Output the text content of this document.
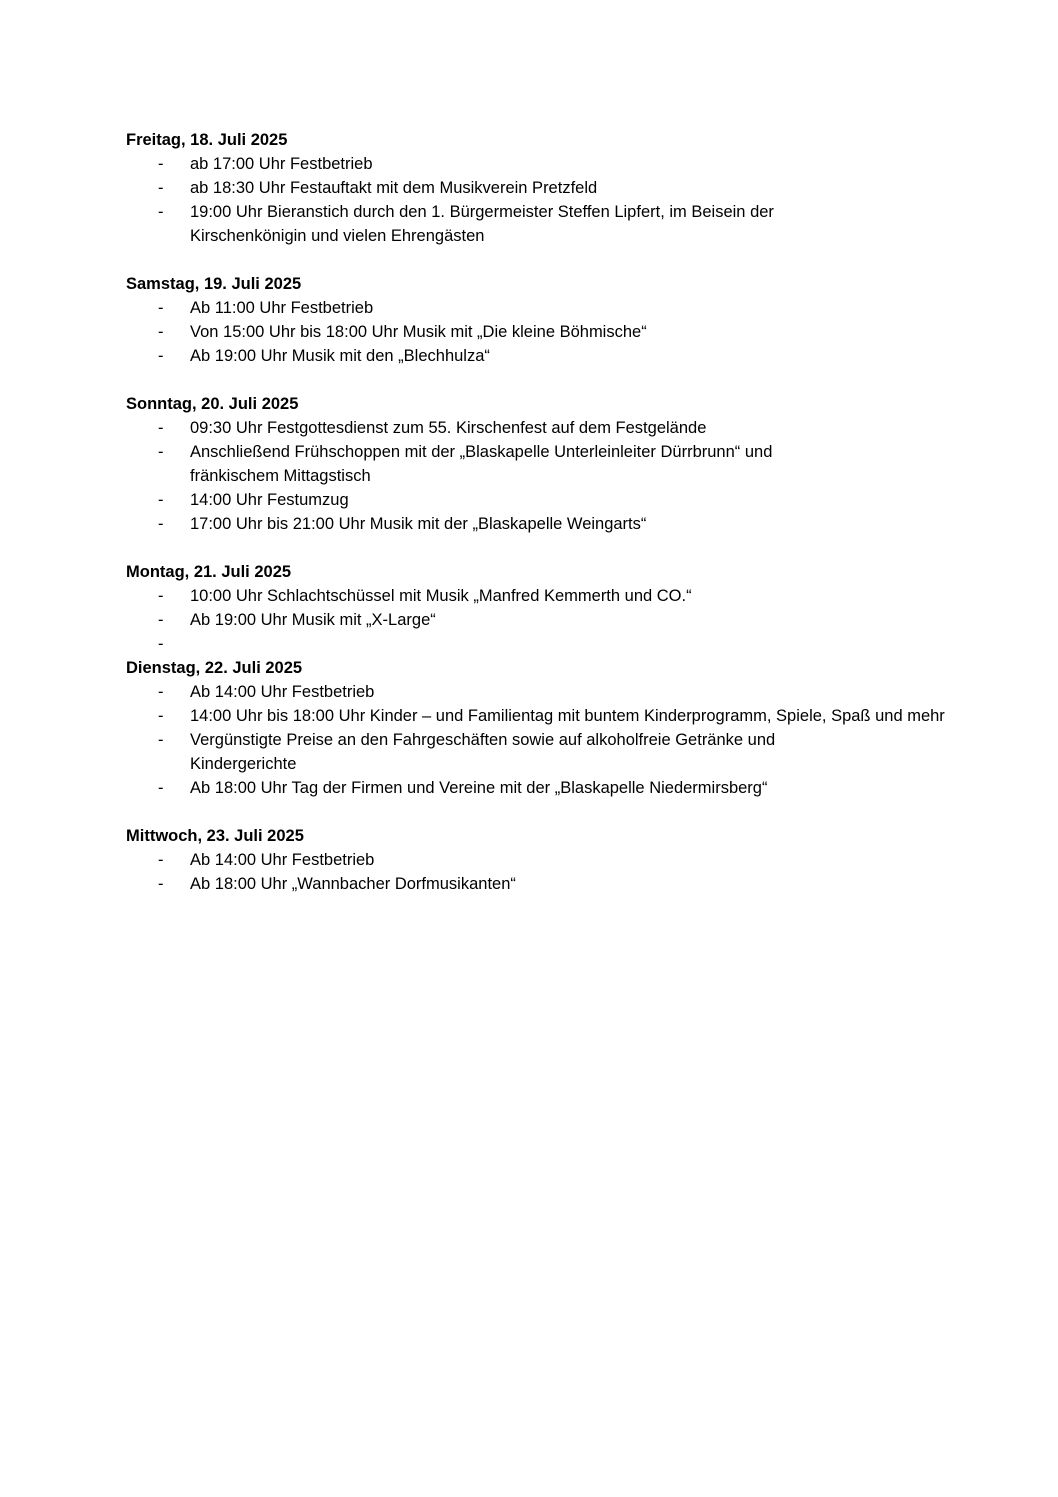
Freitag, 18. Juli 2025
-	ab 17:00 Uhr Festbetrieb
-	ab 18:30 Uhr Festauftakt mit dem Musikverein Pretzfeld
-	19:00 Uhr Bieranstich durch den 1. Bürgermeister Steffen Lipfert, im Beisein der Kirschenkönigin und vielen Ehrengästen
Samstag, 19. Juli 2025
-	Ab 11:00 Uhr Festbetrieb
-	Von 15:00 Uhr bis 18:00 Uhr Musik mit „Die kleine Böhmische“
-	Ab 19:00 Uhr Musik mit den „Blechhulza“
Sonntag, 20. Juli 2025
-	09:30 Uhr Festgottesdienst zum 55. Kirschenfest auf dem Festgelände
-	Anschließend Frühschoppen mit der „Blaskapelle Unterleinleiter Dürrbrunn“ und fränkischem Mittagstisch
-	14:00 Uhr Festumzug
-	17:00 Uhr bis 21:00 Uhr Musik mit der „Blaskapelle Weingarts“
Montag, 21. Juli 2025
-	10:00 Uhr Schlachtschüssel mit Musik „Manfred Kemmerth und CO.“
-	Ab 19:00 Uhr Musik mit „X-Large“
-
Dienstag, 22. Juli 2025
-	Ab 14:00 Uhr Festbetrieb
-	14:00 Uhr bis 18:00 Uhr Kinder – und Familientag mit buntem Kinderprogramm, Spiele, Spaß und mehr
-	Vergünstigte Preise an den Fahrgeschäften sowie auf alkoholfreie Getränke und Kindergerichte
-	Ab 18:00 Uhr Tag der Firmen und Vereine mit der „Blaskapelle Niedermirsberg“
Mittwoch, 23. Juli 2025
-	Ab 14:00 Uhr Festbetrieb
-	Ab 18:00 Uhr „Wannbacher Dorfmusikanten“
